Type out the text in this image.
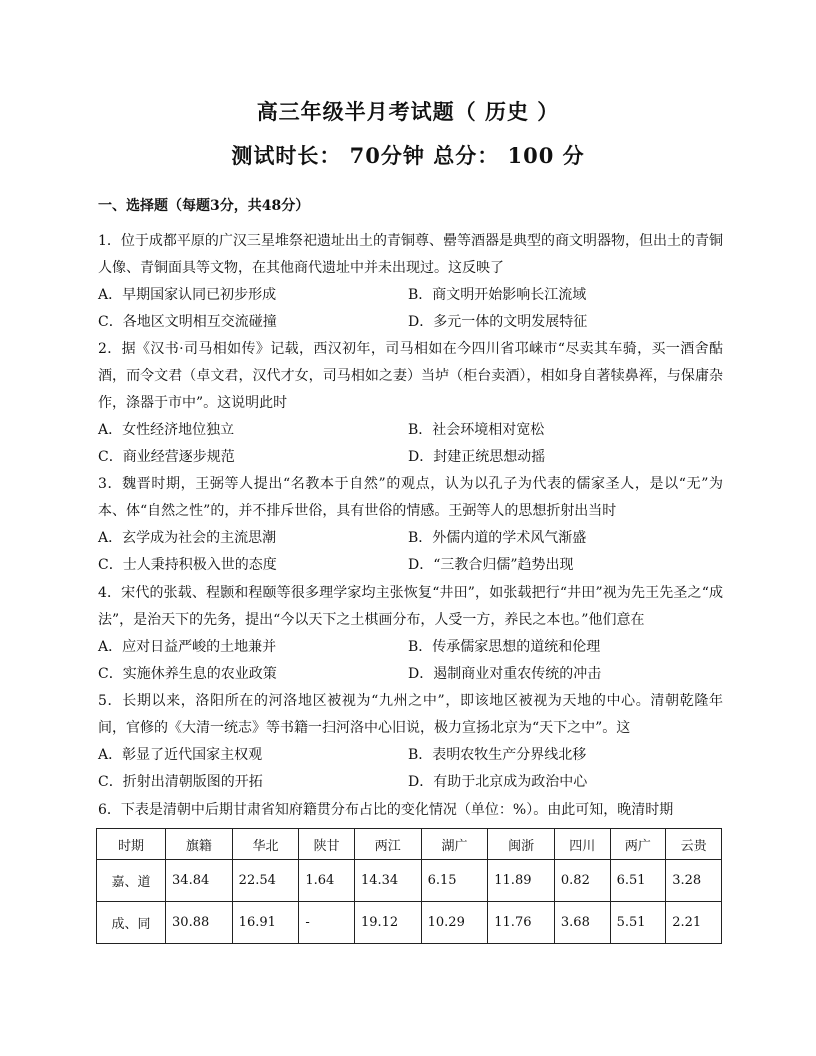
高三年级半月考试题（ 历史 ）
测试时长： 70分钟 总分： 100 分
一、选择题（每题3分，共48分）

1．位于成都平原的广汉三星堆祭祀遗址出土的青铜尊、罍等酒器是典型的商文明器物，但出土的青铜人像、青铜面具等文物，在其他商代遗址中并未出现过。这反映了

A．早期国家认同已初步形成	B．商文明开始影响长江流域
C．各地区文明相互交流碰撞	D．多元一体的文明发展特征

2．据《汉书·司马相如传》记载，西汉初年，司马相如在今四川省邛崃市“尽卖其车骑，买一酒舍酤酒，而令文君（卓文君，汉代才女，司马相如之妻）当垆（柜台卖酒），相如身自著犊鼻裈，与保庸杂作，涤器于市中”。这说明此时

A．女性经济地位独立	B．社会环境相对宽松
C．商业经营逐步规范	D．封建正统思想动摇

3．魏晋时期，王弼等人提出“名教本于自然”的观点，认为以孔子为代表的儒家圣人，是以“无”为本、体“自然之性”的，并不排斥世俗，具有世俗的情感。王弼等人的思想折射出当时

A．玄学成为社会的主流思潮	B．外儒内道的学术风气渐盛
C．士人秉持积极入世的态度	D．“三教合归儒”趋势出现

4．宋代的张载、程颢和程颐等很多理学家均主张恢复“井田”，如张载把行“井田”视为先王先圣之“成法”，是治天下的先务，提出“今以天下之土棋画分布，人受一方，养民之本也。”他们意在

A．应对日益严峻的土地兼并	B．传承儒家思想的道统和伦理
C．实施休养生息的农业政策	D．遏制商业对重农传统的冲击

5．长期以来，洛阳所在的河洛地区被视为“九州之中”，即该地区被视为天地的中心。清朝乾隆年间，官修的《大清一统志》等书籍一扫河洛中心旧说，极力宣扬北京为“天下之中”。这

A．彰显了近代国家主权观	B．表明农牧生产分界线北移
C．折射出清朝版图的开拓	D．有助于北京成为政治中心

6．下表是清朝中后期甘肃省知府籍贯分布占比的变化情况（单位：%）。由此可知，晚清时期

时期	旗籍	华北	陕甘	两江	湖广	闽浙	四川	两广	云贵
嘉、道	34.84	22.54	1.64	14.34	6.15	11.89	0.82	6.51	3.28
成、同	30.88	16.91	-	19.12	10.29	11.76	3.68	5.51	2.21
